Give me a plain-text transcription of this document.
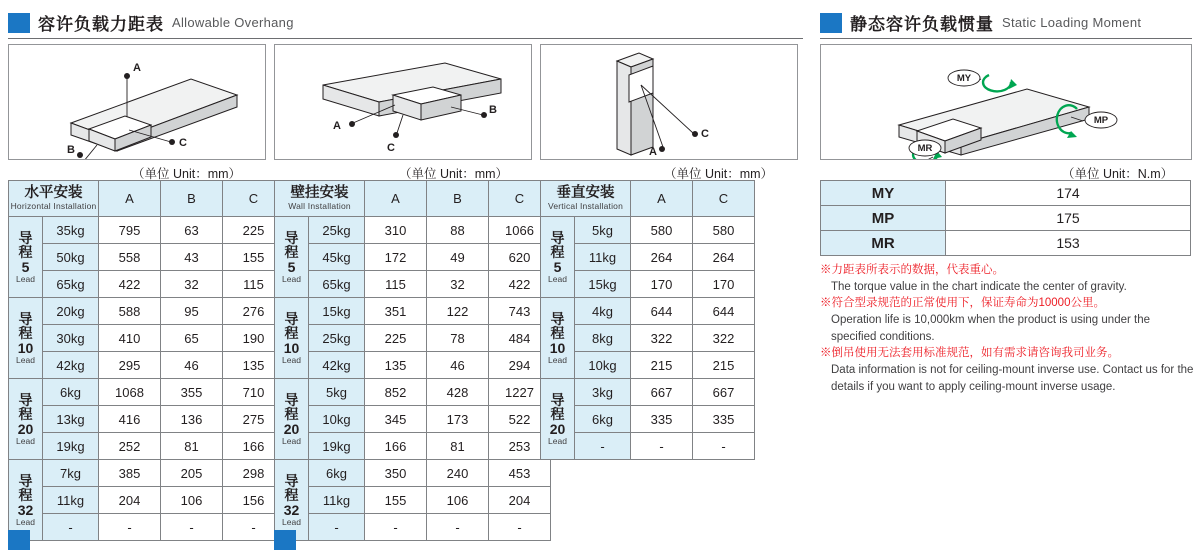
容许负载力距表 Allowable Overhang	静态容许负载惯量 Static Loading Moment
A
C
B
（单位 Unit：mm）
A
B
C
（单位 Unit：mm）
C
A
（单位 Unit：mm）
MY
MP
MR
（单位 Unit：N.m）
水平安装
Horizontal Installation		A	B	C

导
程
5
Lead	35kg	795	63	225
	50kg	558	43	155
	65kg	422	32	115

导
程
10
Lead	20kg	588	95	276
	30kg	410	65	190
	42kg	295	46	135

导
程
20
Lead	6kg	1068	355	710
	13kg	416	136	275
	19kg	252	81	166

导
程
32
Lead	7kg	385	205	298
	11kg	204	106	156
	-	-	-	-
壁挂安装
Wall Installation		A	B	C

导
程
5
Lead	25kg	310	88	1066
	45kg	172	49	620
	65kg	115	32	422

导
程
10
Lead	15kg	351	122	743
	25kg	225	78	484
	42kg	135	46	294

导
程
20
Lead	5kg	852	428	1227
	10kg	345	173	522
	19kg	166	81	253

导
程
32
Lead	6kg	350	240	453
	11kg	155	106	204
	-	-	-	-
垂直安装
Vertical Installation		A	C

导
程
5
Lead	5kg	580	580
	11kg	264	264
	15kg	170	170

导
程
10
Lead	4kg	644	644
	8kg	322	322
	10kg	215	215

导
程
20
Lead	3kg	667	667
	6kg	335	335
	-	-	-
MY	174
MP	175
MR	153
※力距表所表示的数据，代表重心。
The torque value in the chart indicate the center of gravity.
※符合型录规范的正常使用下，保证寿命为10000公里。
Operation life is 10,000km when the product is using under the specified conditions.
※倒吊使用无法套用标准规范，如有需求请咨询我司业务。
Data information is not for ceiling-mount inverse use. Contact us for the details if you want to apply ceiling-mount inverse usage.
